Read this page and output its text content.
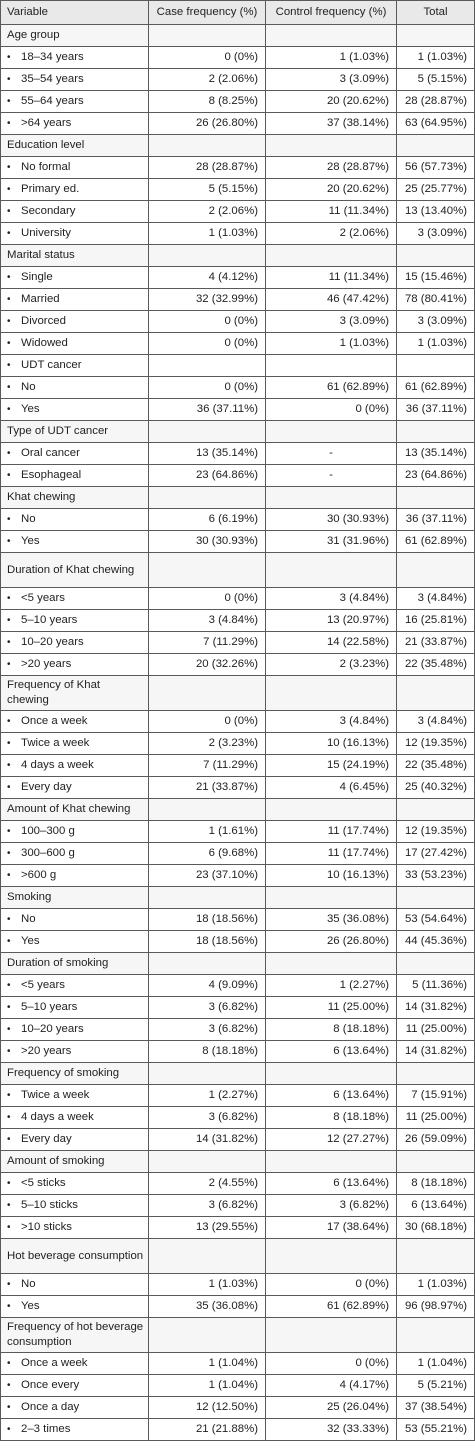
Variable	Case frequency (%)	Control frequency (%)	Total
Age group			
• 18–34 years	0 (0%)	1 (1.03%)	1 (1.03%)
• 35–54 years	2 (2.06%)	3 (3.09%)	5 (5.15%)
• 55–64 years	8 (8.25%)	20 (20.62%)	28 (28.87%)
• >64 years	26 (26.80%)	37 (38.14%)	63 (64.95%)
Education level			
• No formal	28 (28.87%)	28 (28.87%)	56 (57.73%)
• Primary ed.	5 (5.15%)	20 (20.62%)	25 (25.77%)
• Secondary	2 (2.06%)	11 (11.34%)	13 (13.40%)
• University	1 (1.03%)	2 (2.06%)	3 (3.09%)
Marital status			
• Single	4 (4.12%)	11 (11.34%)	15 (15.46%)
• Married	32 (32.99%)	46 (47.42%)	78 (80.41%)
• Divorced	0 (0%)	3 (3.09%)	3 (3.09%)
• Widowed	0 (0%)	1 (1.03%)	1 (1.03%)
• UDT cancer			
• No	0 (0%)	61 (62.89%)	61 (62.89%)
• Yes	36 (37.11%)	0 (0%)	36 (37.11%)
Type of UDT cancer			
• Oral cancer	13 (35.14%)	-	13 (35.14%)
• Esophageal	23 (64.86%)	-	23 (64.86%)
Khat chewing			
• No	6 (6.19%)	30 (30.93%)	36 (37.11%)
• Yes	30 (30.93%)	31 (31.96%)	61 (62.89%)
Duration of Khat chewing			
• <5 years	0 (0%)	3 (4.84%)	3 (4.84%)
• 5–10 years	3 (4.84%)	13 (20.97%)	16 (25.81%)
• 10–20 years	7 (11.29%)	14 (22.58%)	21 (33.87%)
• >20 years	20 (32.26%)	2 (3.23%)	22 (35.48%)
Frequency of Khat chewing			
• Once a week	0 (0%)	3 (4.84%)	3 (4.84%)
• Twice a week	2 (3.23%)	10 (16.13%)	12 (19.35%)
• 4 days a week	7 (11.29%)	15 (24.19%)	22 (35.48%)
• Every day	21 (33.87%)	4 (6.45%)	25 (40.32%)
Amount of Khat chewing			
• 100–300 g	1 (1.61%)	11 (17.74%)	12 (19.35%)
• 300–600 g	6 (9.68%)	11 (17.74%)	17 (27.42%)
• >600 g	23 (37.10%)	10 (16.13%)	33 (53.23%)
Smoking			
• No	18 (18.56%)	35 (36.08%)	53 (54.64%)
• Yes	18 (18.56%)	26 (26.80%)	44 (45.36%)
Duration of smoking			
• <5 years	4 (9.09%)	1 (2.27%)	5 (11.36%)
• 5–10 years	3 (6.82%)	11 (25.00%)	14 (31.82%)
• 10–20 years	3 (6.82%)	8 (18.18%)	11 (25.00%)
• >20 years	8 (18.18%)	6 (13.64%)	14 (31.82%)
Frequency of smoking			
• Twice a week	1 (2.27%)	6 (13.64%)	7 (15.91%)
• 4 days a week	3 (6.82%)	8 (18.18%)	11 (25.00%)
• Every day	14 (31.82%)	12 (27.27%)	26 (59.09%)
Amount of smoking			
• <5 sticks	2 (4.55%)	6 (13.64%)	8 (18.18%)
• 5–10 sticks	3 (6.82%)	3 (6.82%)	6 (13.64%)
• >10 sticks	13 (29.55%)	17 (38.64%)	30 (68.18%)
Hot beverage consumption			
• No	1 (1.03%)	0 (0%)	1 (1.03%)
• Yes	35 (36.08%)	61 (62.89%)	96 (98.97%)
Frequency of hot beverage consumption			
• Once a week	1 (1.04%)	0 (0%)	1 (1.04%)
• Once every	1 (1.04%)	4 (4.17%)	5 (5.21%)
• Once a day	12 (12.50%)	25 (26.04%)	37 (38.54%)
• 2–3 times	21 (21.88%)	32 (33.33%)	53 (55.21%)
